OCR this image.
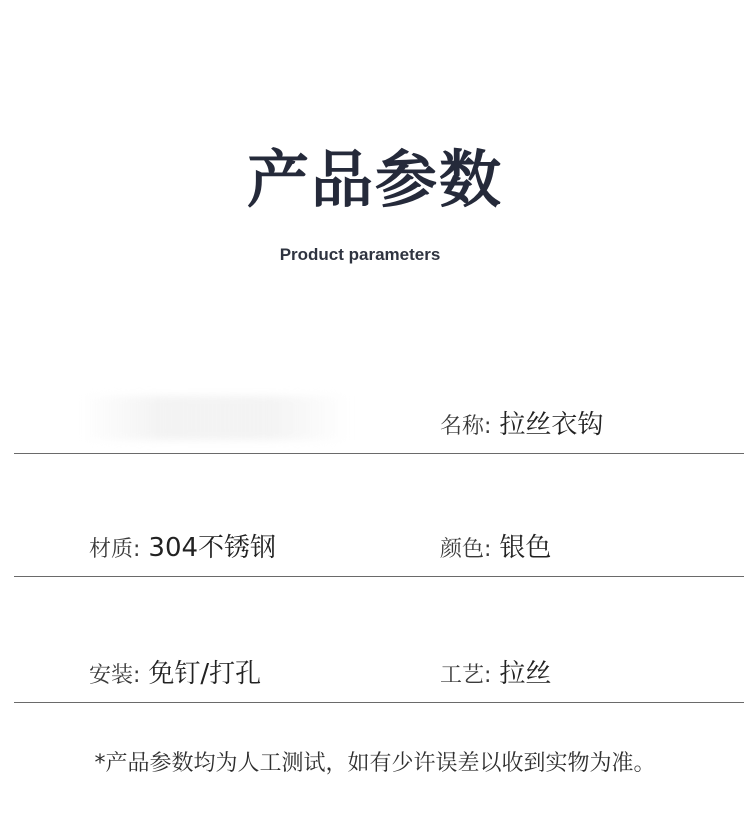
产品参数
Product parameters
名称: 拉丝衣钩
材质: 304不锈钢	颜色: 银色
安装: 免钉/打孔	工艺: 拉丝
*产品参数均为人工测试，如有少许误差以收到实物为准。
